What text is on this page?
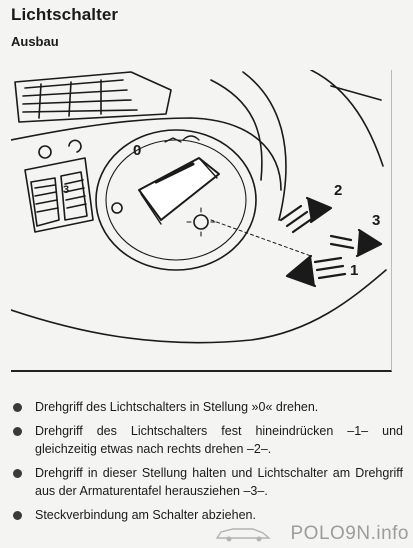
Lichtschalter
Ausbau
0
3	2
3
1
Drehgriff des Lichtschalters in Stellung »0« drehen.
Drehgriff des Lichtschalters fest hineindrücken –1– und gleichzeitig etwas nach rechts drehen –2–.
Drehgriff in dieser Stellung halten und Lichtschalter am Drehgriff aus der Armaturentafel herausziehen –3–.
Steckverbindung am Schalter abziehen.
POLO9N.info
